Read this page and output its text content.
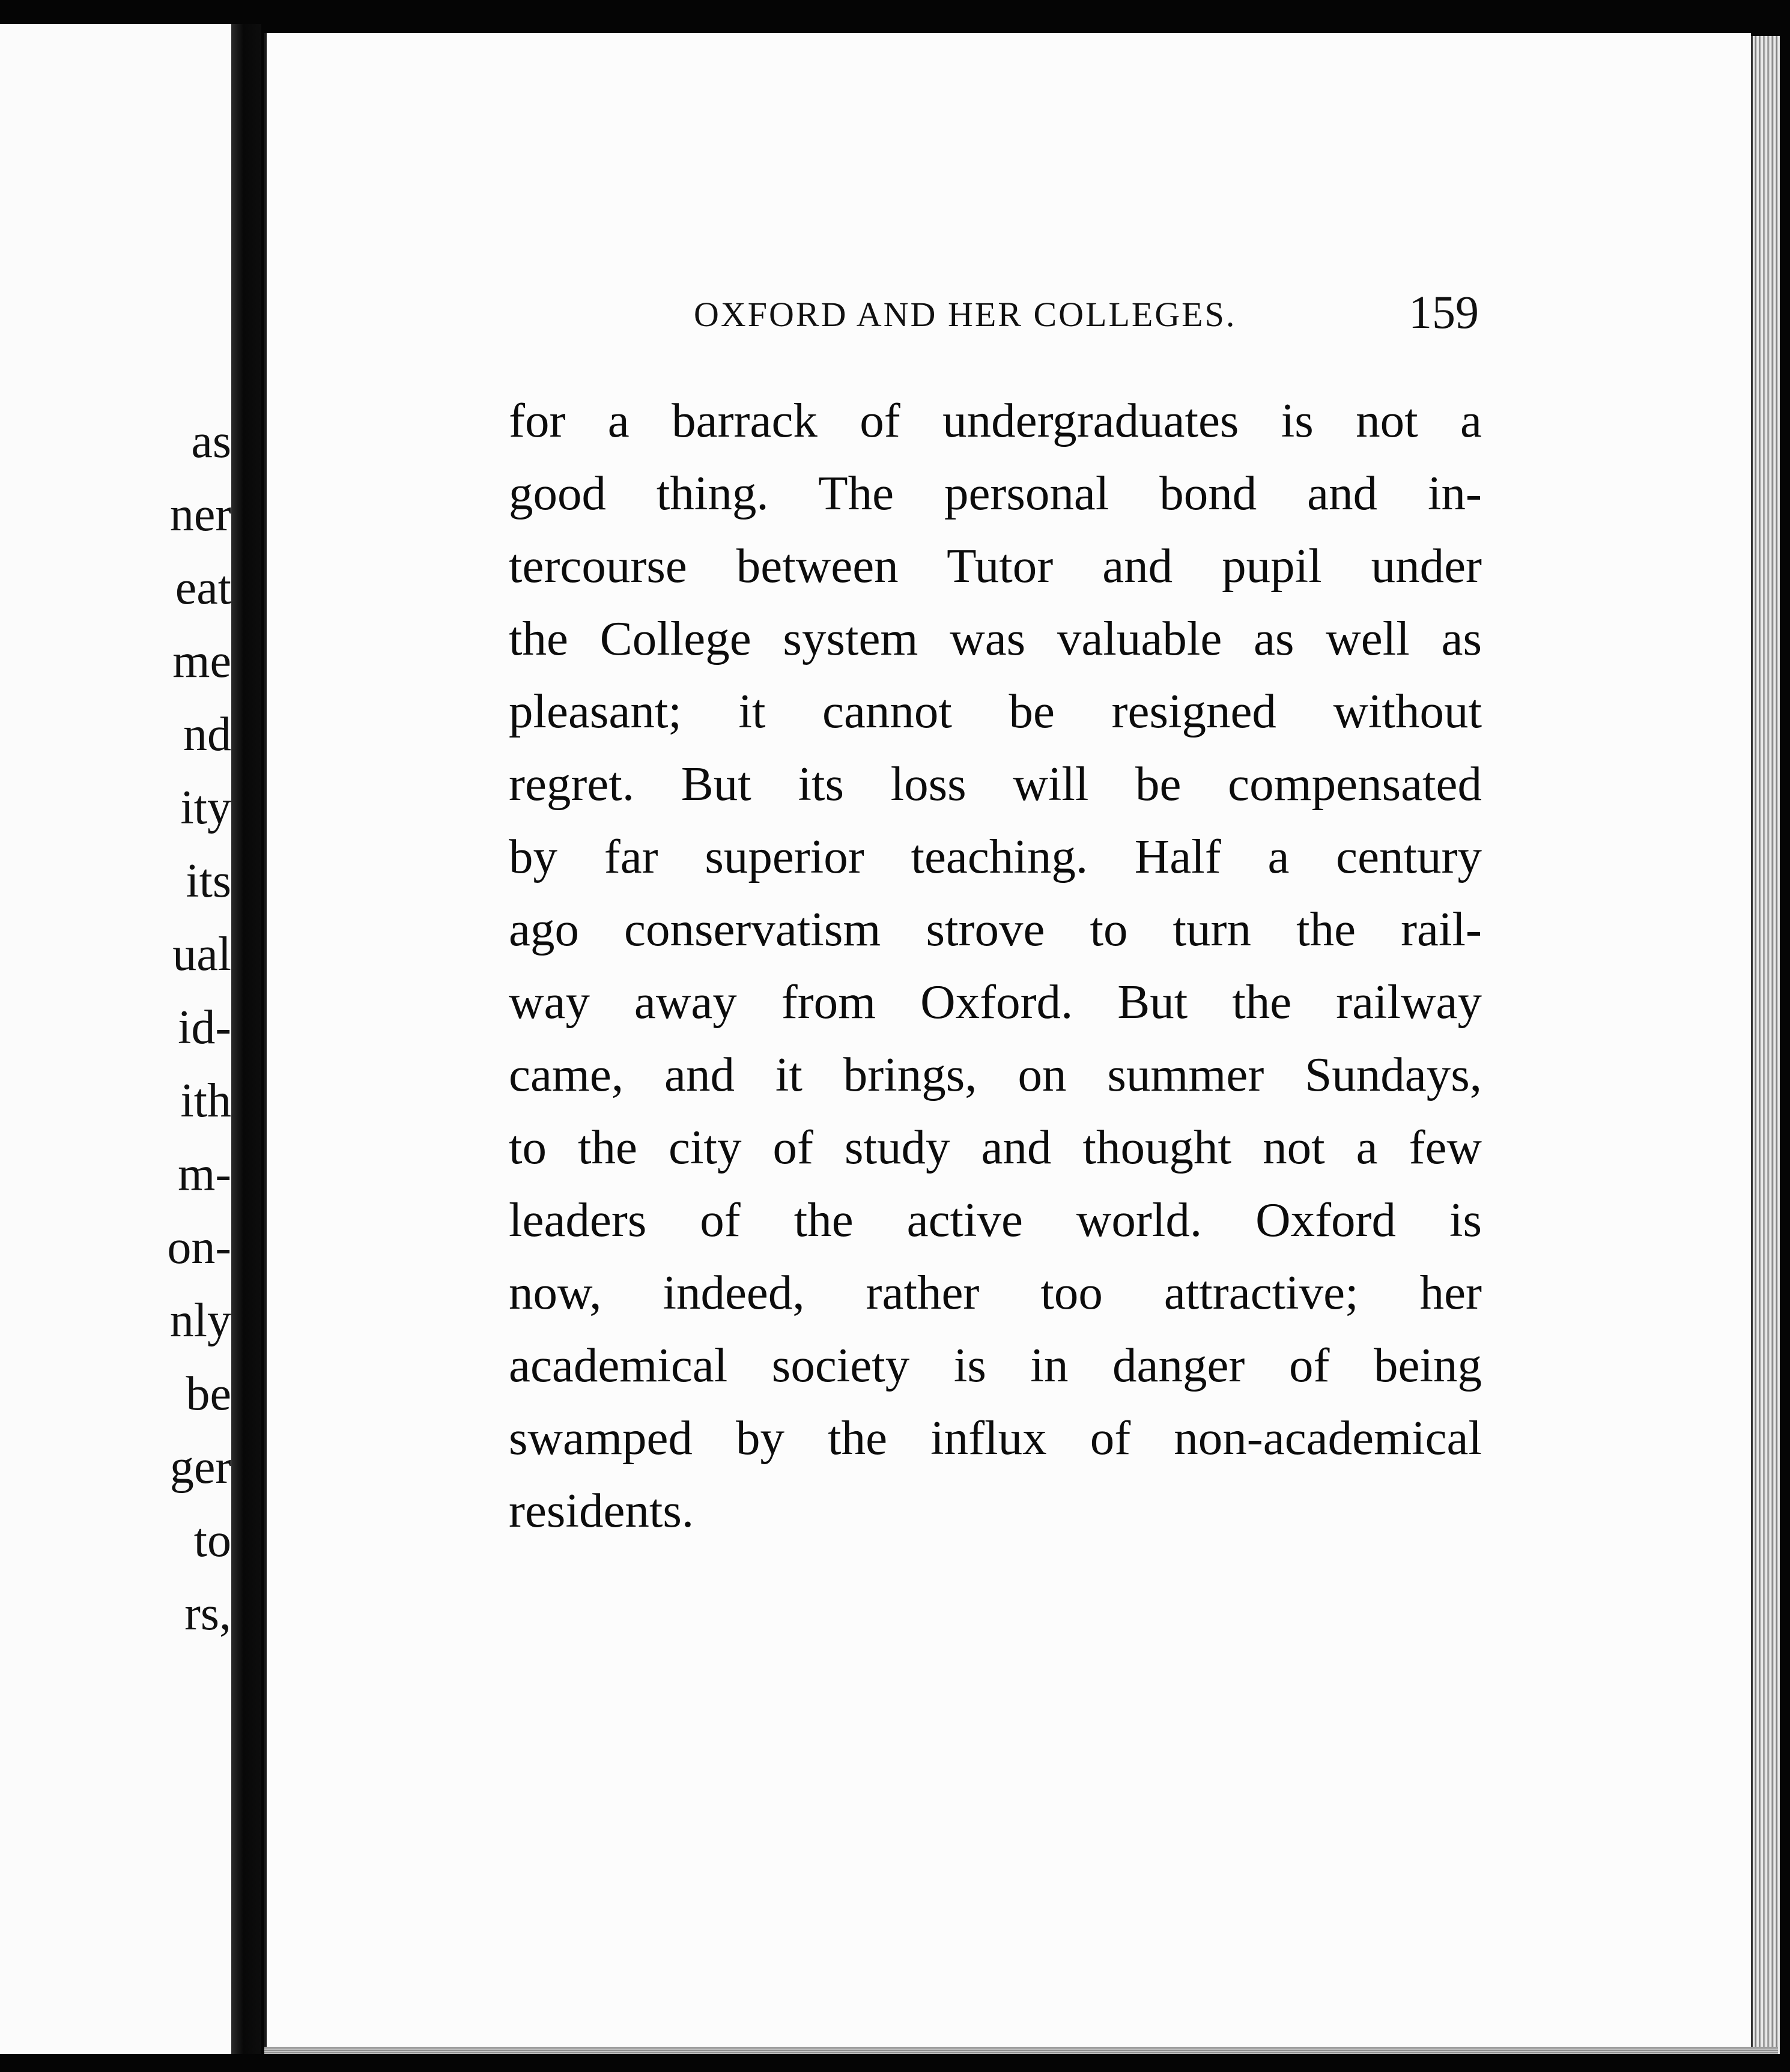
as
ner
eat
me
nd
ity
its
ual
id-
ith
m-
on-
nly
be
ger
to
rs,
OXFORD AND HER COLLEGES.	159
for a barrack of undergraduates is not a
good thing. The personal bond and in-
tercourse between Tutor and pupil under
the College system was valuable as well as
pleasant; it cannot be resigned without
regret. But its loss will be compensated
by far superior teaching. Half a century
ago conservatism strove to turn the rail-
way away from Oxford. But the railway
came, and it brings, on summer Sundays,
to the city of study and thought not a few
leaders of the active world. Oxford is
now, indeed, rather too attractive; her
academical society is in danger of being
swamped by the influx of non-academical
residents.
